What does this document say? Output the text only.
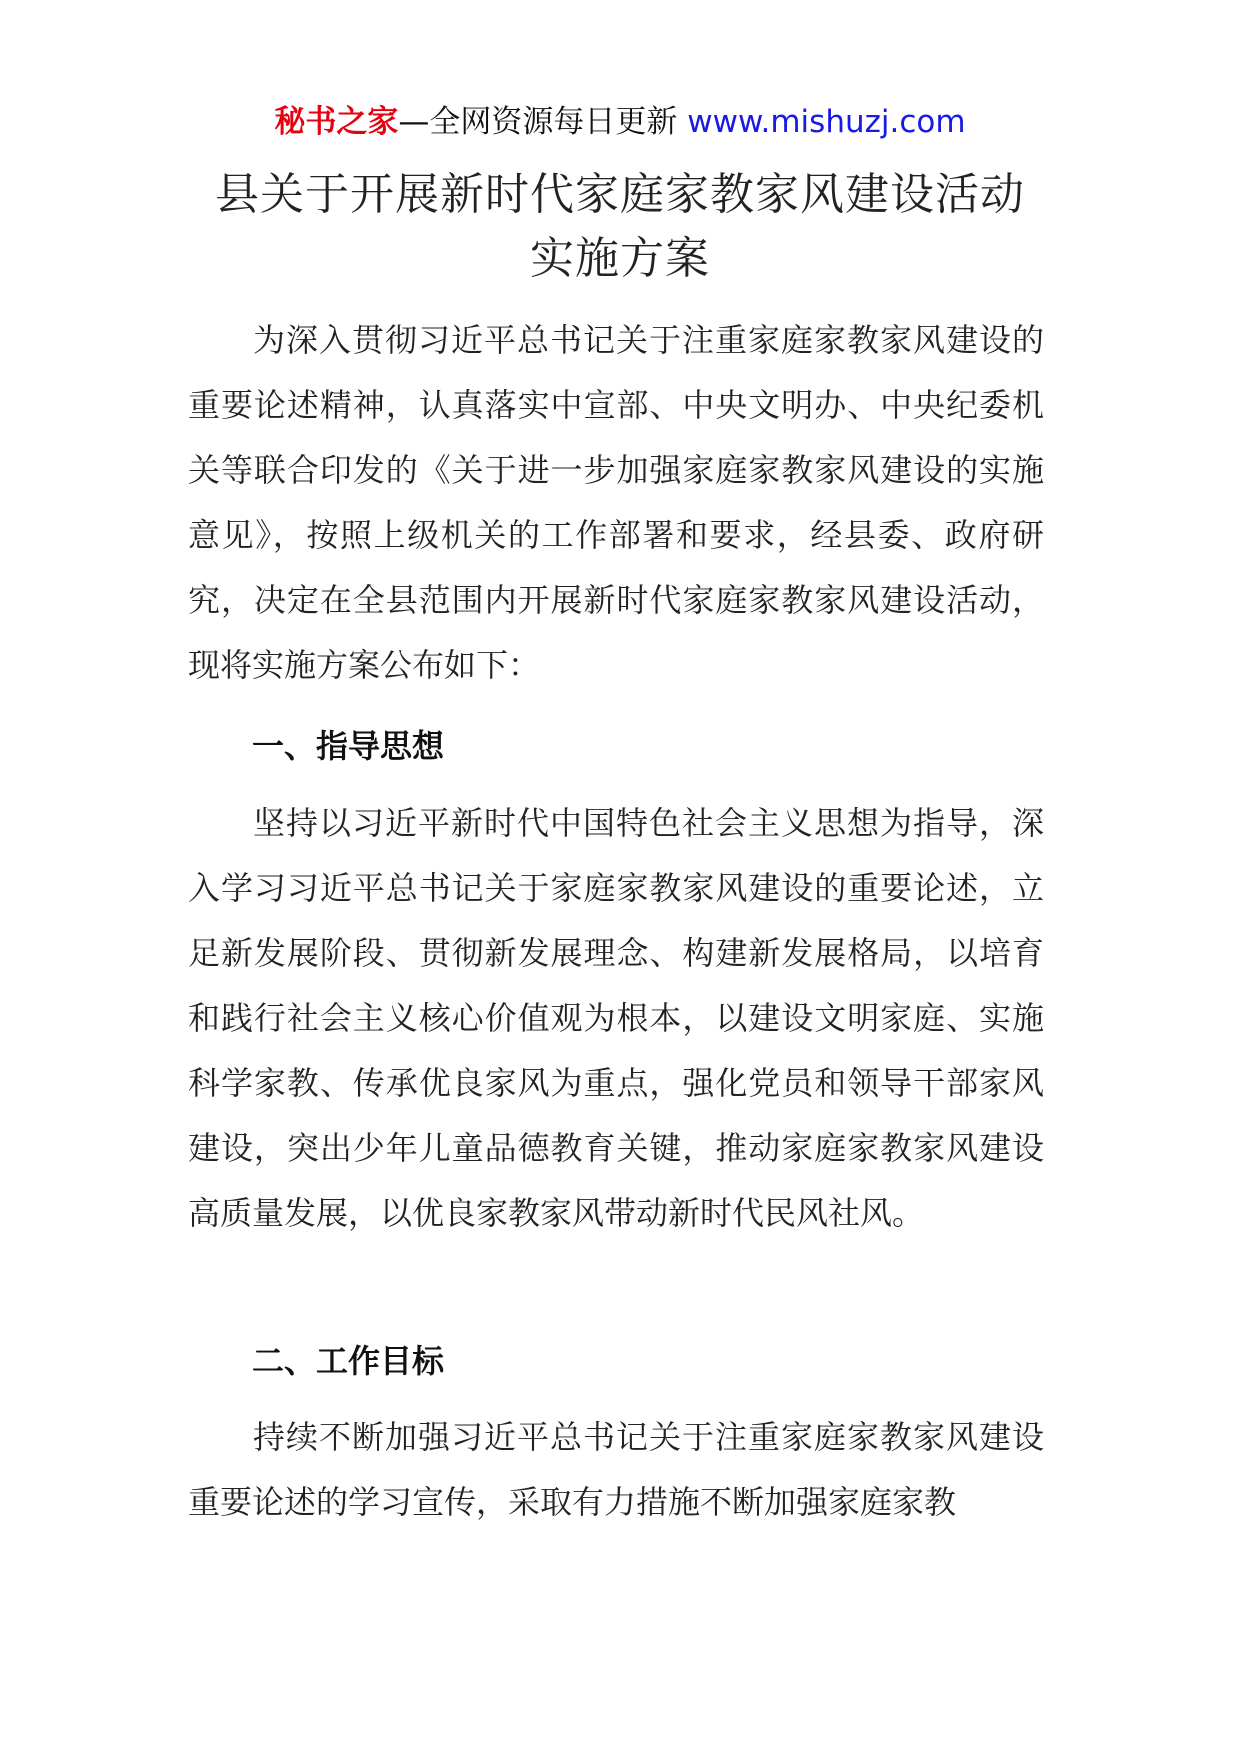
秘书之家—全网资源每日更新 www.mishuzj.com
县关于开展新时代家庭家教家风建设活动
实施方案
为深入贯彻习近平总书记关于注重家庭家教家风建设的重要论述精神，认真落实中宣部、中央文明办、中央纪委机关等联合印发的《关于进一步加强家庭家教家风建设的实施意见》，按照上级机关的工作部署和要求，经县委、政府研究，决定在全县范围内开展新时代家庭家教家风建设活动，现将实施方案公布如下：
一、指导思想
坚持以习近平新时代中国特色社会主义思想为指导，深入学习习近平总书记关于家庭家教家风建设的重要论述，立足新发展阶段、贯彻新发展理念、构建新发展格局，以培育和践行社会主义核心价值观为根本，以建设文明家庭、实施科学家教、传承优良家风为重点，强化党员和领导干部家风建设，突出少年儿童品德教育关键，推动家庭家教家风建设高质量发展，以优良家教家风带动新时代民风社风。
二、工作目标
持续不断加强习近平总书记关于注重家庭家教家风建设重要论述的学习宣传，采取有力措施不断加强家庭家教
